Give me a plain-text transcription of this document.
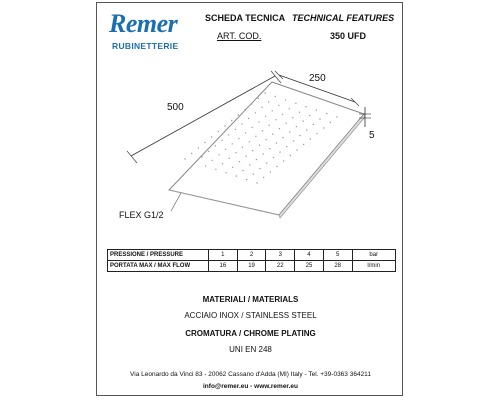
Remer
RUBINETTERIE
SCHEDA TECNICA TECHNICAL FEATURES
ART. COD.	350 UFD
500
250
5
FLEX G1/2
PRESSIONE / PRESSURE	1	2	3	4	5	bar
PORTATA MAX / MAX FLOW	16	19	22	25	28	l/min
MATERIALI / MATERIALS
ACCIAIO INOX / STAINLESS STEEL
CROMATURA / CHROME PLATING
UNI EN 248
Via Leonardo da Vinci 83 - 20062 Cassano d'Adda (MI) Italy - Tel. +39-0363 364211
info@remer.eu - www.remer.eu
